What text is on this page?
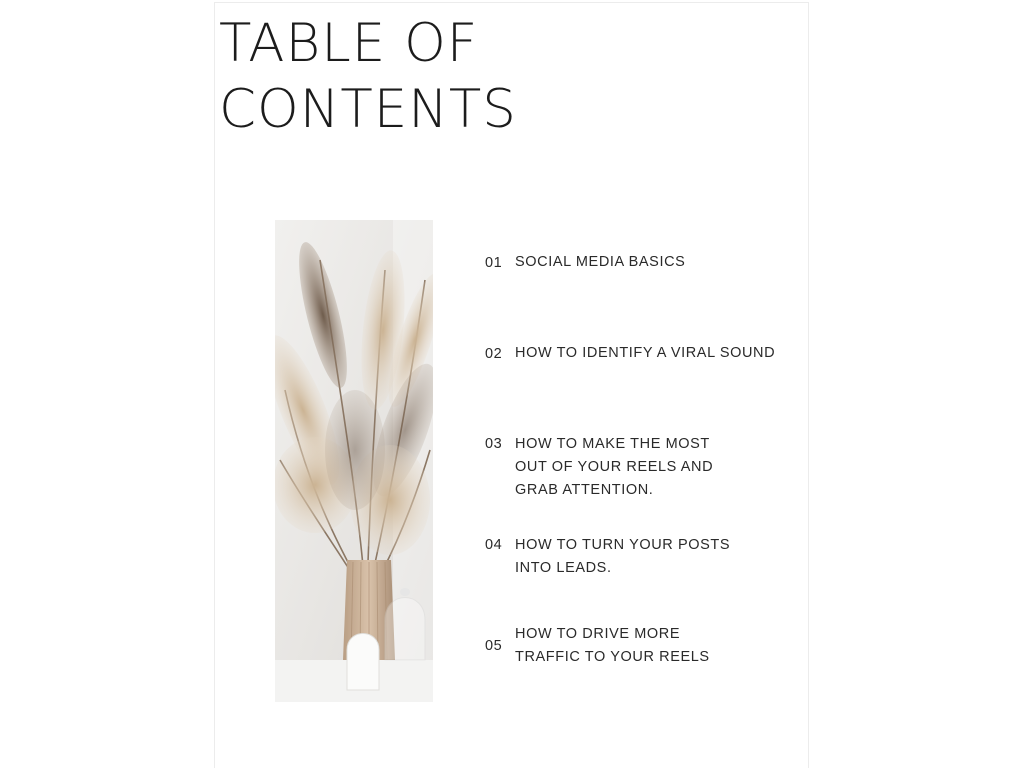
TABLE OF
CONTENTS
01 SOCIAL MEDIA BASICS
02 HOW TO IDENTIFY A VIRAL SOUND
03 HOW TO MAKE THE MOST
OUT OF YOUR REELS AND
GRAB ATTENTION.
04 HOW TO TURN YOUR POSTS
INTO LEADS.
05
HOW TO DRIVE MORE
TRAFFIC TO YOUR REELS
